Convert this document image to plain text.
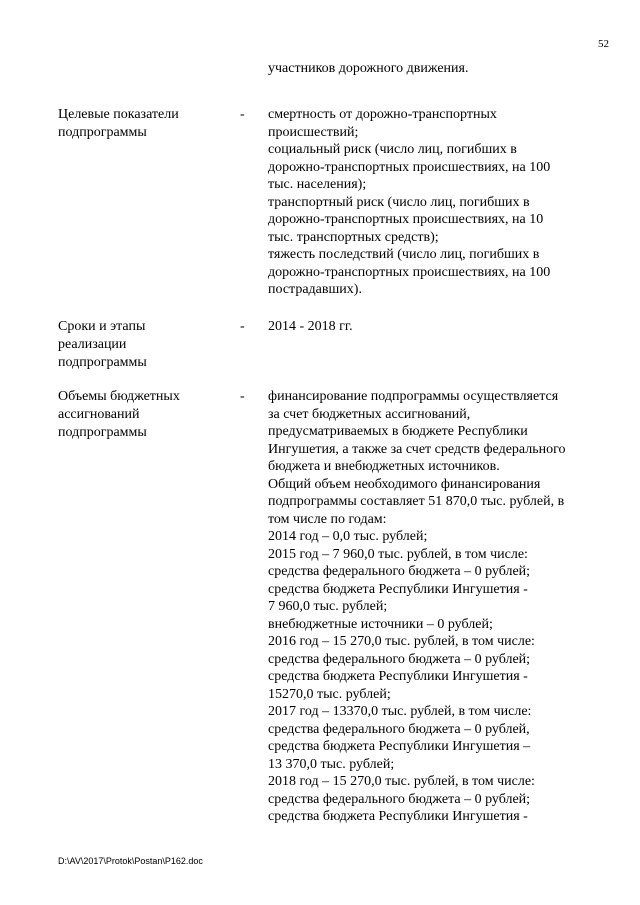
52
участников дорожного движения.
Целевые показатели
подпрограммы
- смертность от дорожно-транспортных
происшествий;
социальный риск (число лиц, погибших в
дорожно-транспортных происшествиях, на 100
тыс. населения);
транспортный риск (число лиц, погибших в
дорожно-транспортных происшествиях, на 10
тыс. транспортных средств);
тяжесть последствий (число лиц, погибших в
дорожно-транспортных происшествиях, на 100
пострадавших).
Сроки и этапы
реализации
подпрограммы
- 2014 - 2018 гг.
Объемы бюджетных
ассигнований
подпрограммы
- финансирование подпрограммы осуществляется
за счет бюджетных ассигнований,
предусматриваемых в бюджете Республики
Ингушетия, а также за счет средств федерального
бюджета и внебюджетных источников.
Общий объем необходимого финансирования
подпрограммы составляет 51 870,0 тыс. рублей, в
том числе по годам:
2014 год – 0,0 тыс. рублей;
2015 год – 7 960,0 тыс. рублей, в том числе:
средства федерального бюджета – 0 рублей;
средства бюджета Республики Ингушетия -
7 960,0 тыс. рублей;
внебюджетные источники – 0 рублей;
2016 год – 15 270,0 тыс. рублей, в том числе:
средства федерального бюджета – 0 рублей;
средства бюджета Республики Ингушетия -
15270,0 тыс. рублей;
2017 год – 13370,0 тыс. рублей, в том числе:
средства федерального бюджета – 0 рублей,
средства бюджета Республики Ингушетия –
13 370,0 тыс. рублей;
2018 год – 15 270,0 тыс. рублей, в том числе:
средства федерального бюджета – 0 рублей;
средства бюджета Республики Ингушетия -
D:\AV\2017\Protok\Postan\P162.doc
